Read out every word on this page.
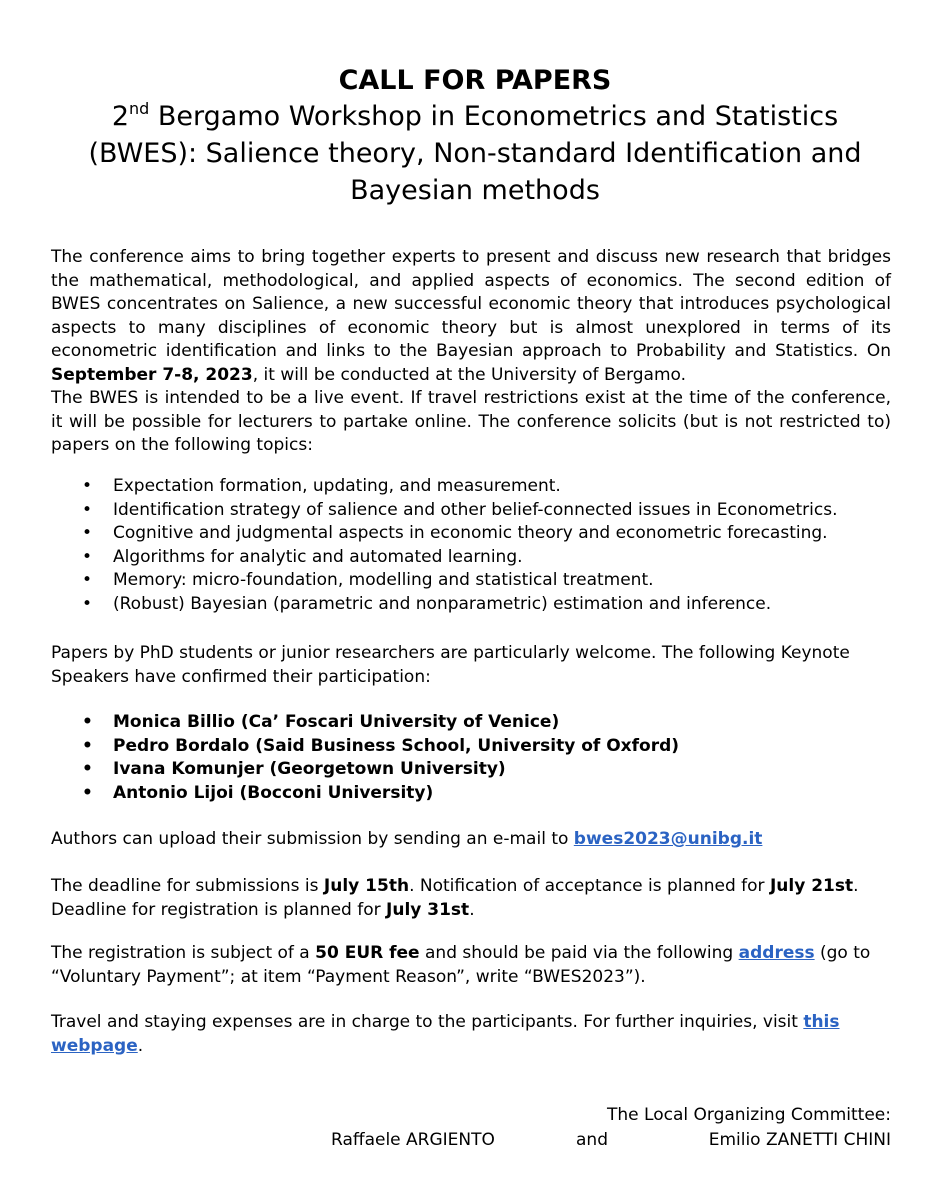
CALL FOR PAPERS
2nd Bergamo Workshop in Econometrics and Statistics
(BWES): Salience theory, Non-standard Identification and
Bayesian methods
The conference aims to bring together experts to present and discuss new research that bridges the mathematical, methodological, and applied aspects of economics. The second edition of BWES concentrates on Salience, a new successful economic theory that introduces psychological aspects to many disciplines of economic theory but is almost unexplored in terms of its econometric identification and links to the Bayesian approach to Probability and Statistics. On September 7-8, 2023, it will be conducted at the University of Bergamo.
The BWES is intended to be a live event. If travel restrictions exist at the time of the conference, it will be possible for lecturers to partake online. The conference solicits (but is not restricted to) papers on the following topics:
• Expectation formation, updating, and measurement.
• Identification strategy of salience and other belief-connected issues in Econometrics.
• Cognitive and judgmental aspects in economic theory and econometric forecasting.
• Algorithms for analytic and automated learning.
• Memory: micro-foundation, modelling and statistical treatment.
• (Robust) Bayesian (parametric and nonparametric) estimation and inference.

Papers by PhD students or junior researchers are particularly welcome. The following Keynote Speakers have confirmed their participation:

• Monica Billio (Ca’ Foscari University of Venice)
• Pedro Bordalo (Said Business School, University of Oxford)
• Ivana Komunjer (Georgetown University)
• Antonio Lijoi (Bocconi University)

Authors can upload their submission by sending an e-mail to bwes2023@unibg.it

The deadline for submissions is July 15th. Notification of acceptance is planned for July 21st. Deadline for registration is planned for July 31st.

The registration is subject of a 50 EUR fee and should be paid via the following address (go to “Voluntary Payment”; at item “Payment Reason”, write “BWES2023”).

Travel and staying expenses are in charge to the participants. For further inquiries, visit this webpage.

The Local Organizing Committee:
Raffaele ARGIENTO	and	Emilio ZANETTI CHINI
